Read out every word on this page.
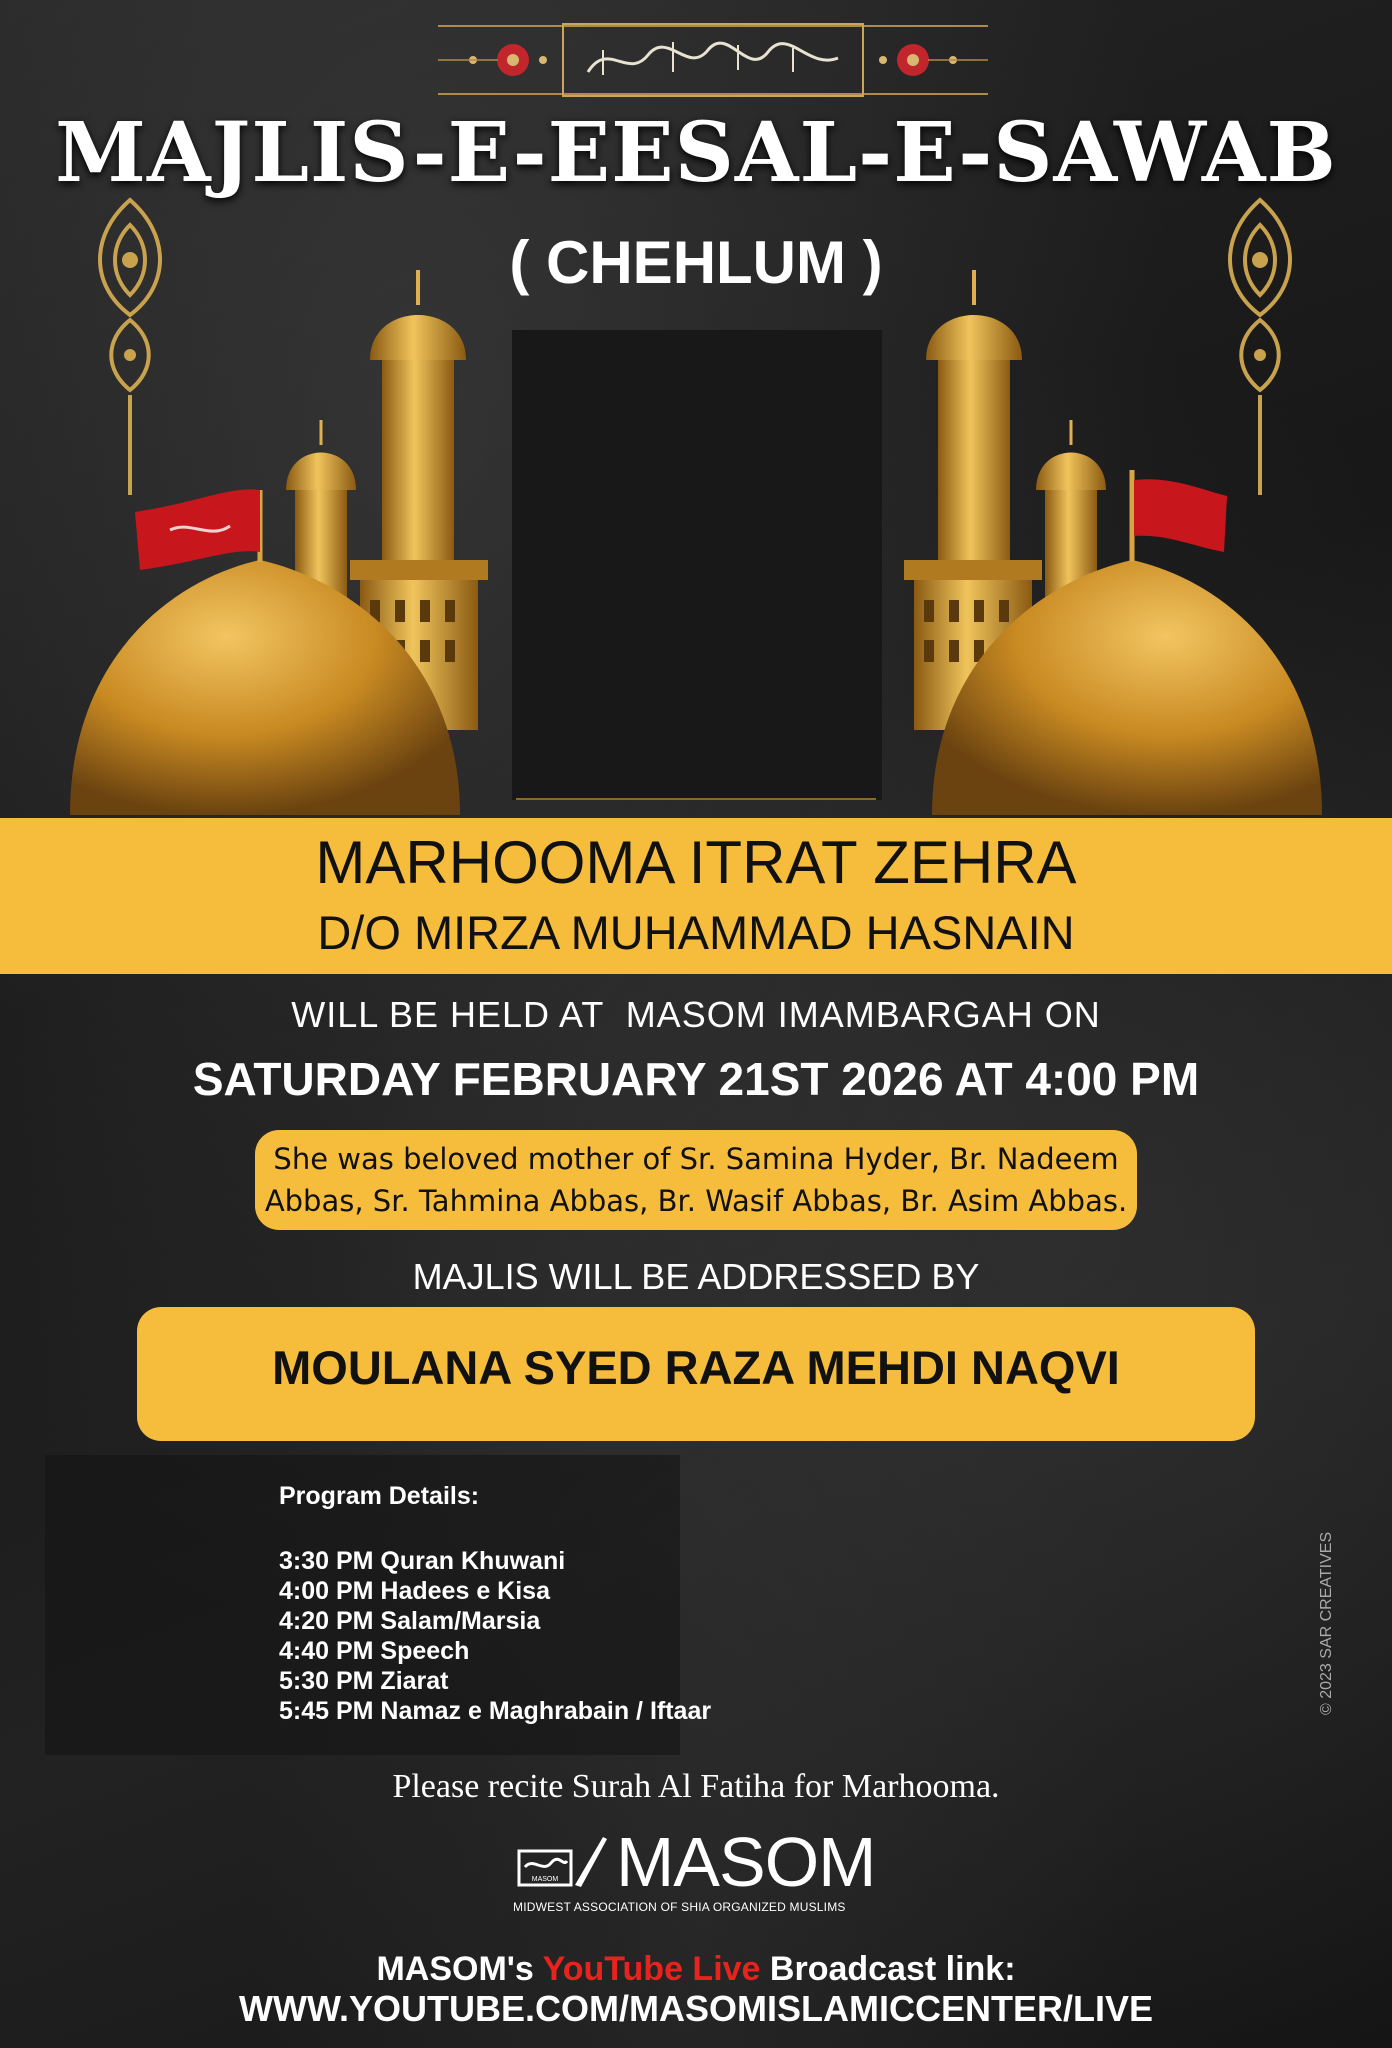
MAJLIS-E-EESAL-E-SAWAB
( CHEHLUM )
MARHOOMA ITRAT ZEHRA
D/O MIRZA MUHAMMAD HASNAIN
WILL BE HELD AT  MASOM IMAMBARGAH ON
SATURDAY FEBRUARY 21ST 2026 AT 4:00 PM
She was beloved mother of Sr. Samina Hyder, Br. Nadeem Abbas, Sr. Tahmina Abbas, Br. Wasif Abbas, Br. Asim Abbas.
MAJLIS WILL BE ADDRESSED BY
MOULANA SYED RAZA MEHDI NAQVI
Program Details:
3:30 PM Quran Khuwani
4:00 PM Hadees e Kisa
4:20 PM Salam/Marsia
4:40 PM Speech
5:30 PM Ziarat
5:45 PM Namaz e Maghrabain / Iftaar	© 2023 SAR CREATIVES
Please recite Surah Al Fatiha for Marhooma.
MASOM MASOM
MIDWEST ASSOCIATION OF SHIA ORGANIZED MUSLIMS
MASOM's YouTube Live Broadcast link:
WWW.YOUTUBE.COM/MASOMISLAMICCENTER/LIVE
